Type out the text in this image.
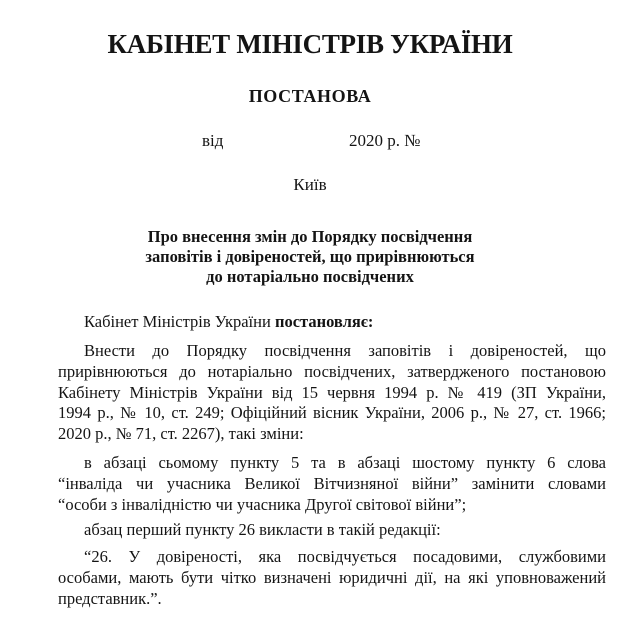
КАБІНЕТ МІНІСТРІВ УКРАЇНИ
ПОСТАНОВА
від	2020 р. №
Київ
Про внесення змін до Порядку посвідчення
заповітів і довіреностей, що прирівнюються
до нотаріально посвідчених
Кабінет Міністрів України постановляє:
Внести до Порядку посвідчення заповітів і довіреностей, що
прирівнюються до нотаріально посвідчених, затвердженого постановою
Кабінету Міністрів України від 15 червня 1994 р. № 419 (ЗП України,
1994 р., № 10, ст. 249; Офіційний вісник України, 2006 р., № 27, ст. 1966;
2020 р., № 71, ст. 2267), такі зміни:
в абзаці сьомому пункту 5 та в абзаці шостому пункту 6 слова
“інваліда чи учасника Великої Вітчизняної війни” замінити словами
“особи з інвалідністю чи учасника Другої світової війни”;
абзац перший пункту 26 викласти в такій редакції:
“26. У довіреності, яка посвідчується посадовими, службовими
особами, мають бути чітко визначені юридичні дії, на які уповноважений
представник.”.
